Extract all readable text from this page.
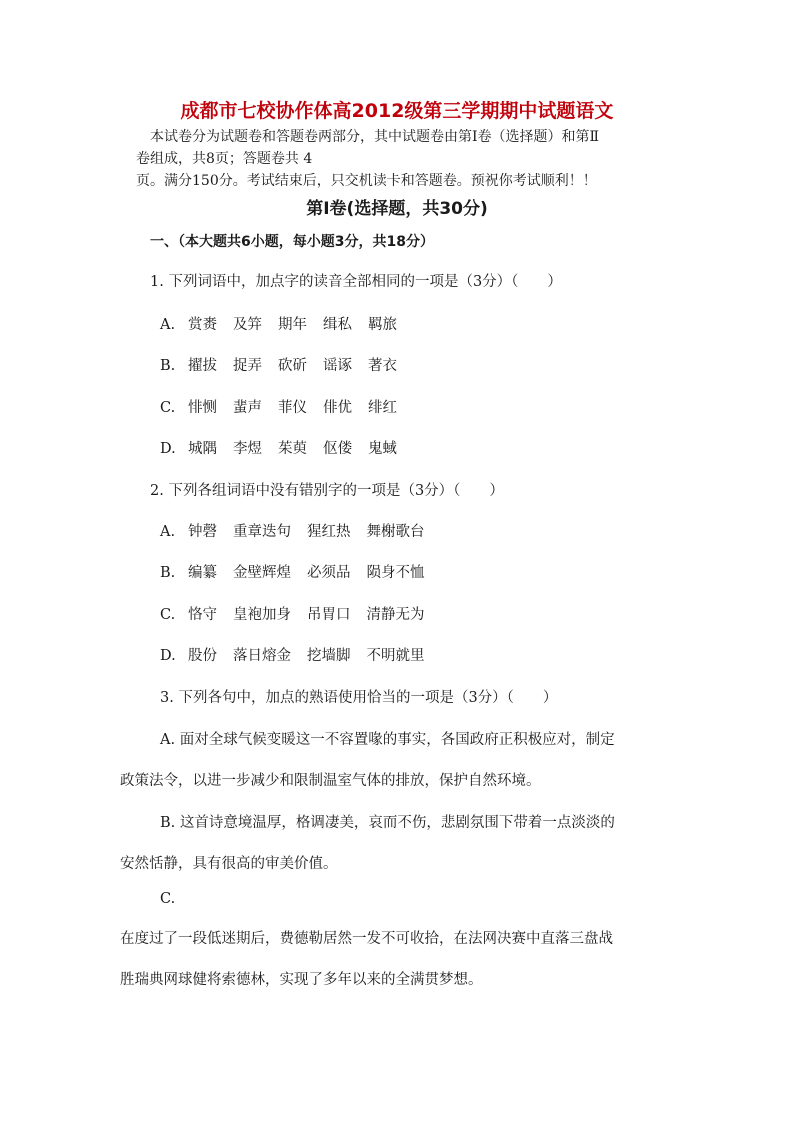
成都市七校协作体高2012级第三学期期中试题语文
本试卷分为试题卷和答题卷两部分，其中试题卷由第Ⅰ卷（选择题）和第Ⅱ
卷组成，共8页；答题卷共 4
页。满分150分。考试结束后，只交机读卡和答题卷。预祝你考试顺利！！
第Ⅰ卷(选择题，共30分)
一、（本大题共6小题，每小题3分，共18分）
1. 下列词语中，加点字的读音全部相同的一项是（3分）（　　）
A. 赏赉 及笄 期年 缉私 羁旅
B. 擢拔 捉弄 砍斫 谣诼 著衣
C. 悱恻 蜚声 菲仪 俳优 绯红
D. 城隅 李煜 茱萸 伛偻 鬼蜮
2. 下列各组词语中没有错别字的一项是（3分）（　　）
A. 钟磬 重章迭句 猩红热 舞榭歌台
B. 编纂 金壁辉煌 必须品 陨身不恤
C. 恪守 皇袍加身 吊胃口 清静无为
D. 股份 落日熔金 挖墙脚 不明就里
3. 下列各句中，加点的熟语使用恰当的一项是（3分）（　　）
A. 面对全球气候变暖这一不容置喙的事实，各国政府正积极应对，制定
政策法令，以进一步减少和限制温室气体的排放，保护自然环境。
B. 这首诗意境温厚，格调凄美，哀而不伤，悲剧氛围下带着一点淡淡的
安然恬静，具有很高的审美价值。
C.
在度过了一段低迷期后，费德勒居然一发不可收拾，在法网决赛中直落三盘战
胜瑞典网球健将索德林，实现了多年以来的全满贯梦想。
